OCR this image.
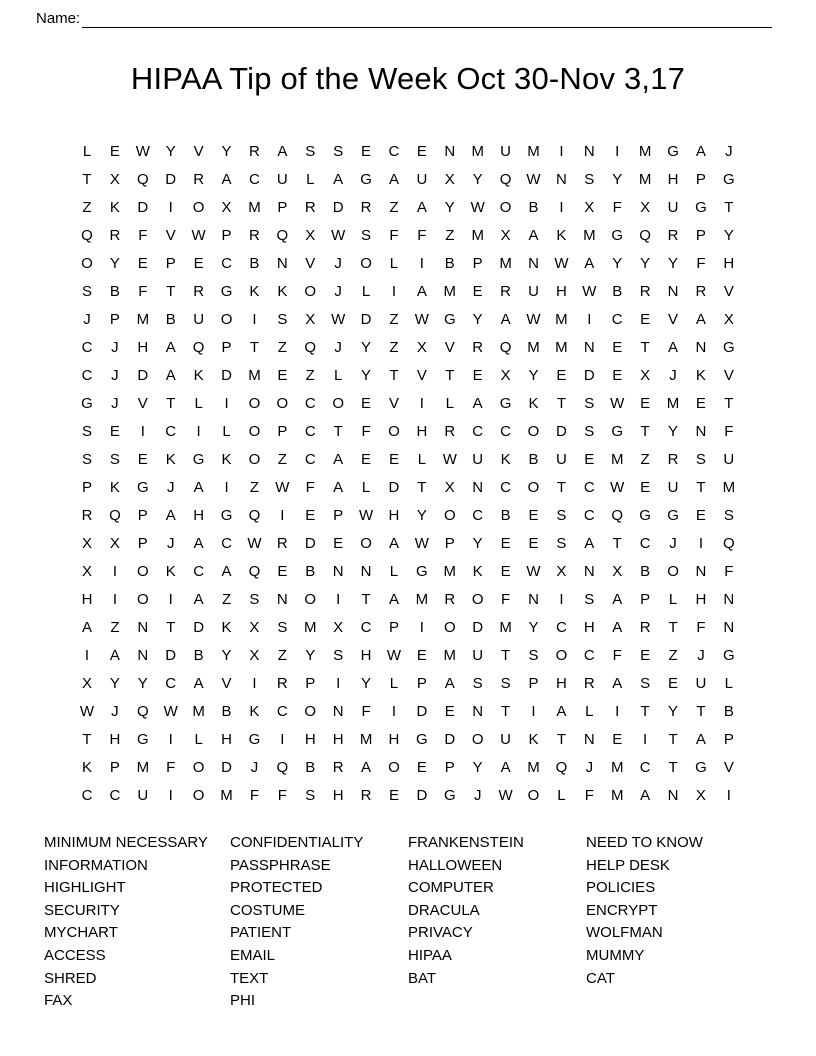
Name:
HIPAA Tip of the Week Oct 30-Nov 3,17
L	E W Y V Y R A S S E C E N M U M	I	N	I	M G A	J
T X Q D R A C U	L	A G A U X Y Q W N S Y M H P G
Z K D	I	O X M P R D R Z A Y W O B	I	X F X U G T
Q R F V W P R Q X W S F F Z M X A K M G Q R P Y
O Y E P E C B N V	J	O	L	I	B P M N W A Y Y Y F H
S B F T R G K K O	J	L	I	A M E R U H W B R N R V
J	P M B U O	I	S X W D Z W G Y A W M	I	C E V A X
C	J	H A Q P T Z Q	J	Y Z X V R Q M M N E T A N G
C	J	D A K D M E Z	L	Y T V T E X Y E D E X	J	K V
G	J	V T	L	I	O O C O E V	I	L	A G K T S W E M E T
S E	I	C	I	L	O P C T F O H R C C O D S G T Y N F
S S E K G K O Z C A E E	L	W U K B U E M Z R S U
P K G	J	A	I	Z W F A	L	D T X N C O T C W E U T M
R Q P A H G Q	I	E P W H Y O C B E S C Q G G E S
X X P	J	A C W R D E O A W P Y E E S A T C	J	I	Q
X	I	O K C A Q E B N N	L	G M K E W X N X B O N F
H	I	O	I	A Z S N O	I	T A M R O F N	I	S A P	L	H N
A Z N T D K X S M X C P	I	O D M Y C H A R T F N
I	A N D B Y X Z Y S H W E M U T S O C F E Z	J	G
X Y Y C A V	I	R P	I	Y	L	P A S S P H R A S E U	L
W	J	Q W M B K C O N F	I	D E N T	I	A	L	I	T Y T B
T H G	I	L	H G	I	H H M H G D O U K T N E	I	T A P
K P M F O D	J	Q B R A O E P Y A M Q	J	M C T G V
C C U	I	O M F F S H R E D G	J	W O	L	F M A N X	I
MINIMUM NECESSARY
INFORMATION
HIGHLIGHT
SECURITY
MYCHART
ACCESS
SHRED
FAX
CONFIDENTIALITY
PASSPHRASE
PROTECTED
COSTUME
PATIENT
EMAIL
TEXT
PHI
FRANKENSTEIN
HALLOWEEN
COMPUTER
DRACULA
PRIVACY
HIPAA
BAT
NEED TO KNOW
HELP DESK
POLICIES
ENCRYPT
WOLFMAN
MUMMY
CAT
